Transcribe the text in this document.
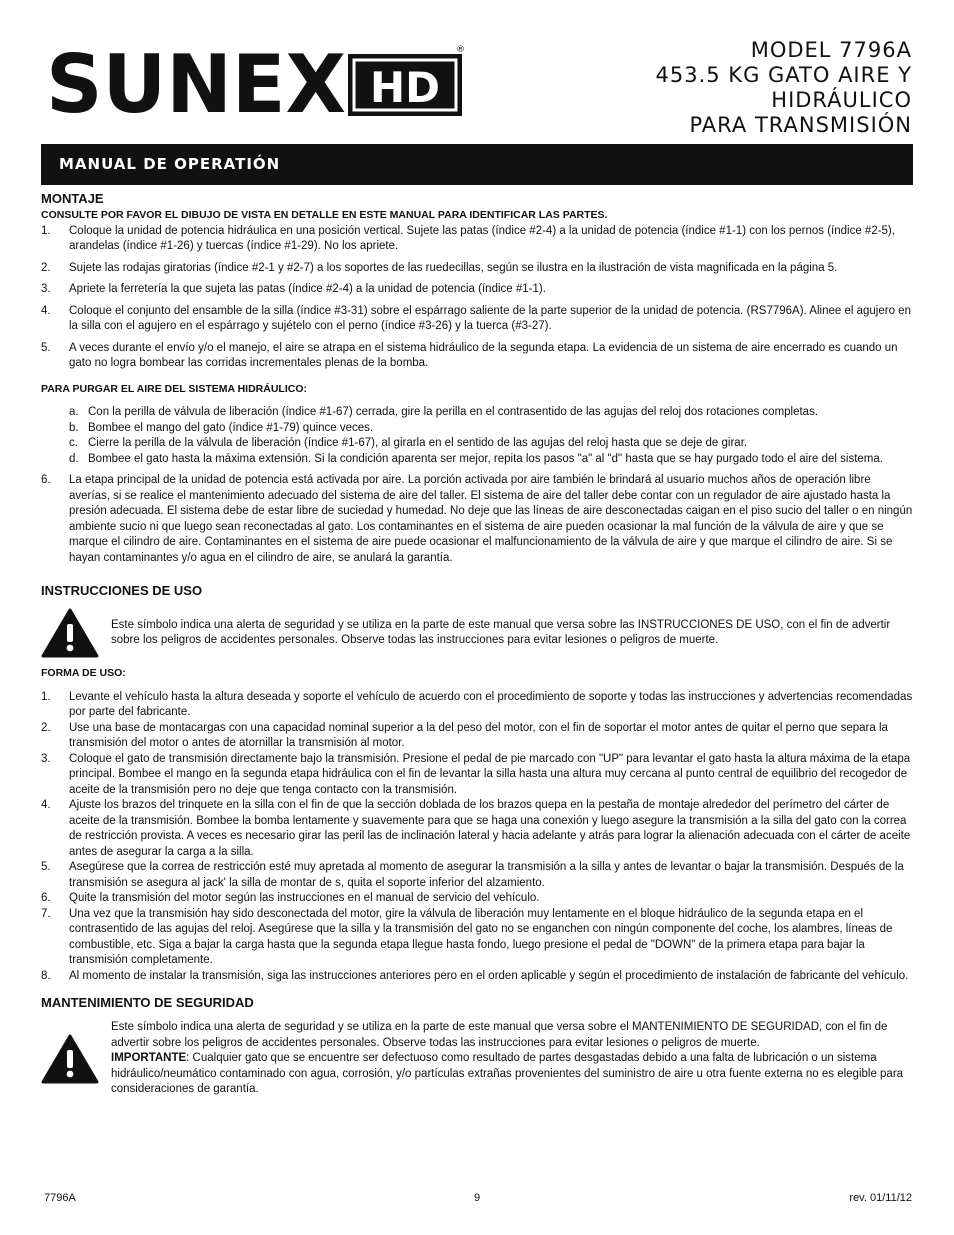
SUNEX HD
®	MODEL 7796A
453.5 KG GATO AIRE Y
HIDRÁULICO
PARA TRANSMISIÓN
MANUAL DE OPERATIÓN
MONTAJE

CONSULTE POR FAVOR EL DIBUJO DE VISTA EN DETALLE EN ESTE MANUAL PARA IDENTIFICAR LAS PARTES.

1.	Coloque la unidad de potencia hidráulica en una posición vertical. Sujete las patas (índice #2-4) a la unidad de potencia (índice #1-1) con los pernos (índice #2-5), arandelas (índice #1-26) y tuercas (índice #1-29). No los apriete.
2.	Sujete las rodajas giratorias (índice #2-1 y #2-7) a los soportes de las ruedecillas, según se ilustra en la ilustración de vista magnificada en la página 5.
3.	Apriete la ferretería la que sujeta las patas (índice #2-4) a la unidad de potencia (índice #1-1).
4.	Coloque el conjunto del ensamble de la silla (índice #3-31) sobre el espárrago saliente de la parte superior de la unidad de potencia. (RS7796A). Alinee el agujero en la silla con el agujero en el espárrago y sujételo con el perno (índice #3-26) y la tuerca (#3-27).
5.	A veces durante el envío y/o el manejo, el aire se atrapa en el sistema hidráulico de la segunda etapa. La evidencia de un sistema de aire encerrado es cuando un gato no logra bombear las corridas incrementales plenas de la bomba.

PARA PURGAR EL AIRE DEL SISTEMA HIDRÁULICO:

a. Con la perilla de válvula de liberación (índice #1-67) cerrada, gire la perilla en el contrasentido de las agujas del reloj dos rotaciones completas.
b. Bombee el mango del gato (índice #1-79) quince veces.
c. Cierre la perilla de la válvula de liberación (índice #1-67), al girarla en el sentido de las agujas del reloj hasta que se deje de girar.
d. Bombee el gato hasta la máxima extensión. Si la condición aparenta ser mejor, repita los pasos "a" al "d" hasta que se hay purgado todo el aire del sistema.
6.	La etapa principal de la unidad de potencia está activada por aire. La porción activada por aire también le brindará al usuario muchos años de operación libre averías, si se realice el mantenimiento adecuado del sistema de aire del taller. El sistema de aire del taller debe contar con un regulador de aire ajustado hasta la presión adecuada. El sistema debe de estar libre de suciedad y humedad. No deje que las líneas de aire desconectadas caigan en el piso sucio del taller o en ningún ambiente sucio ni que luego sean reconectadas al gato. Los contaminantes en el sistema de aire pueden ocasionar la mal función de la válvula de aire y que se marque el cilindro de aire. Contaminantes en el sistema de aire puede ocasionar el malfuncionamiento de la válvula de aire y que marque el cilindro de aire. Si se hayan contaminantes y/o agua en el cilindro de aire, se anulará la garantía.
INSTRUCCIONES DE USO
Este símbolo indica una alerta de seguridad y se utiliza en la parte de este manual que versa sobre las INSTRUCCIONES DE USO, con el fin de advertir sobre los peligros de accidentes personales. Observe todas las instrucciones para evitar lesiones o peligros de muerte.

FORMA DE USO:

1.	Levante el vehículo hasta la altura deseada y soporte el vehículo de acuerdo con el procedimiento de soporte y todas las instrucciones y advertencias recomendadas por parte del fabricante.
2.	Use una base de montacargas con una capacidad nominal superior a la del peso del motor, con el fin de soportar el motor antes de quitar el perno que separa la transmisión del motor o antes de atornillar la transmisión al motor.
3.	Coloque el gato de transmisión directamente bajo la transmisión. Presione el pedal de pie marcado con "UP" para levantar el gato hasta la altura máxima de la etapa principal. Bombee el mango en la segunda etapa hidráulica con el fin de levantar la silla hasta una altura muy cercana al punto central de equilibrio del recogedor de aceite de la transmisión pero no deje que tenga contacto con la transmisión.
4.	Ajuste los brazos del trinquete en la silla con el fin de que la sección doblada de los brazos quepa en la pestaña de montaje alrededor del perímetro del cárter de aceite de la transmisión. Bombee la bomba lentamente y suavemente para que se haga una conexión y luego asegure la transmisión a la silla del gato con la correa de restricción provista. A veces es necesario girar las peril las de inclinación lateral y hacia adelante y atrás para lograr la alienación adecuada con el cárter de aceite antes de asegurar la carga a la silla.
5.	Asegúrese que la correa de restricción esté muy apretada al momento de asegurar la transmisión a la silla y antes de levantar o bajar la transmisión. Después de la transmisión se asegura al jack' la silla de montar de s, quita el soporte inferior del alzamiento.
6.	Quite la transmisión del motor según las instrucciones en el manual de servicio del vehículo.
7.	Una vez que la transmisión hay sido desconectada del motor, gire la válvula de liberación muy lentamente en el bloque hidráulico de la segunda etapa en el contrasentido de las agujas del reloj. Asegúrese que la silla y la transmisión del gato no se enganchen con ningún componente del coche, los alambres, líneas de combustible, etc. Siga a bajar la carga hasta que la segunda etapa llegue hasta fondo, luego presione el pedal de "DOWN" de la primera etapa para bajar la transmisión completamente.
8.	Al momento de instalar la transmisión, siga las instrucciones anteriores pero en el orden aplicable y según el procedimiento de instalación de fabricante del vehículo.
MANTENIMIENTO DE SEGURIDAD
Este símbolo indica una alerta de seguridad y se utiliza en la parte de este manual que versa sobre el MANTENIMIENTO DE SEGURIDAD, con el fin de advertir sobre los peligros de accidentes personales. Observe todas las instrucciones para evitar lesiones o peligros de muerte.
IMPORTANTE: Cualquier gato que se encuentre ser defectuoso como resultado de partes desgastadas debido a una falta de lubricación o un sistema hidráulico/neumático contaminado con agua, corrosión, y/o partículas extrañas provenientes del suministro de aire u otra fuente externa no es elegible para consideraciones de garantía.
7796A	9	rev. 01/11/12
